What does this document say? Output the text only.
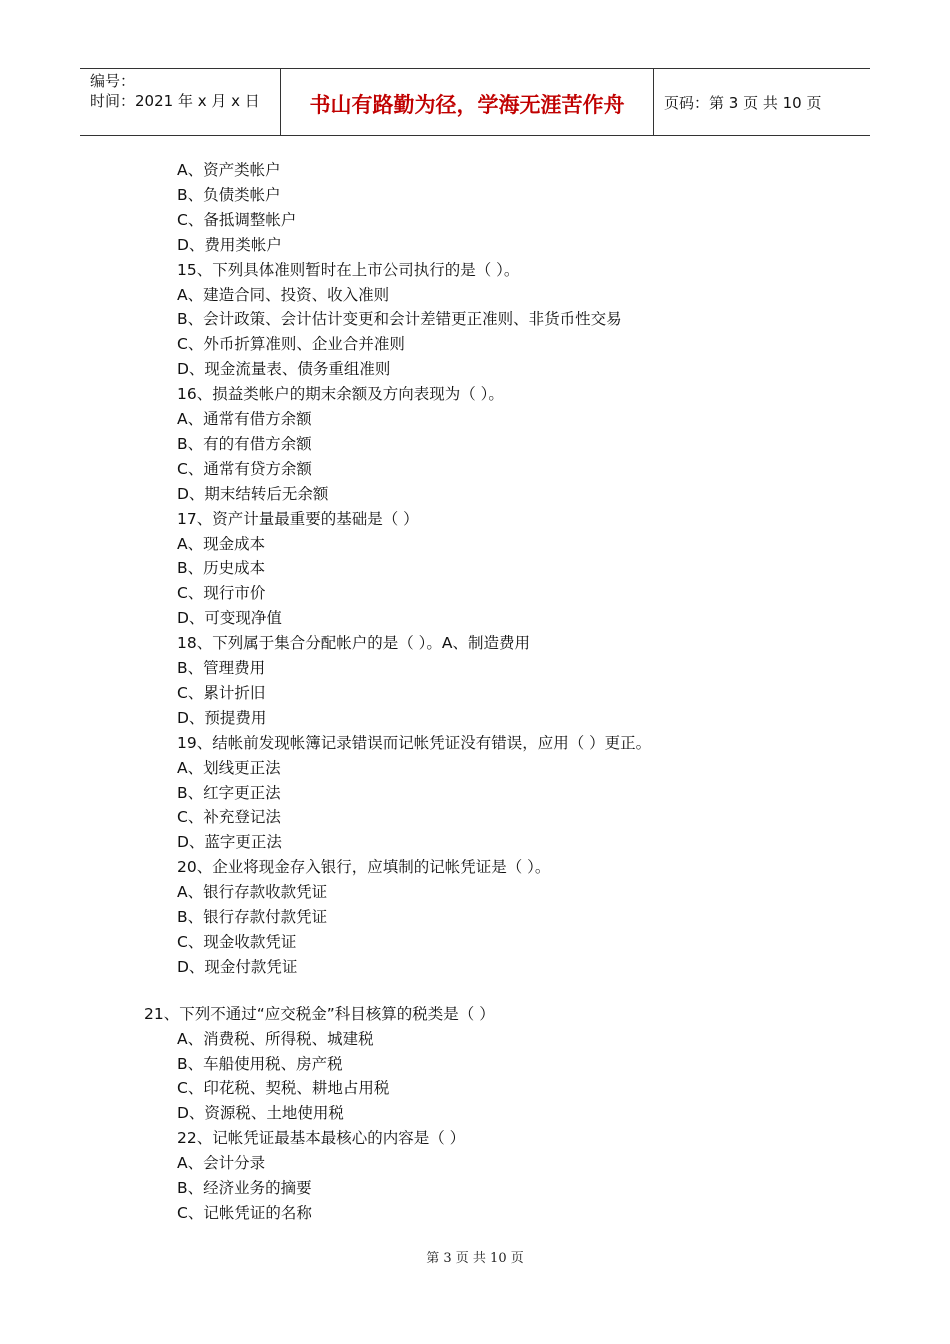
编号：
时间：2021 年 x 月 x 日	书山有路勤为径，学海无涯苦作舟	页码：第 3 页 共 10 页
A、资产类帐户
B、负债类帐户
C、备抵调整帐户
D、费用类帐户
15、下列具体准则暂时在上市公司执行的是（ ）。
A、建造合同、投资、收入准则
B、会计政策、会计估计变更和会计差错更正准则、非货币性交易
C、外币折算准则、企业合并准则
D、现金流量表、债务重组准则
16、损益类帐户的期末余额及方向表现为（ ）。
A、通常有借方余额
B、有的有借方余额
C、通常有贷方余额
D、期末结转后无余额
17、资产计量最重要的基础是（ ）
A、现金成本
B、历史成本
C、现行市价
D、可变现净值
18、下列属于集合分配帐户的是（ ）。A、制造费用
B、管理费用
C、累计折旧
D、预提费用
19、结帐前发现帐簿记录错误而记帐凭证没有错误，应用（ ）更正。
A、划线更正法
B、红字更正法
C、补充登记法
D、蓝字更正法
20、企业将现金存入银行，应填制的记帐凭证是（ ）。
A、银行存款收款凭证
B、银行存款付款凭证
C、现金收款凭证
D、现金付款凭证
21、下列不通过“应交税金”科目核算的税类是（ ）
A、消费税、所得税、城建税
B、车船使用税、房产税
C、印花税、契税、耕地占用税
D、资源税、土地使用税
22、记帐凭证最基本最核心的内容是（ ）
A、会计分录
B、经济业务的摘要
C、记帐凭证的名称
第 3 页 共 10 页
